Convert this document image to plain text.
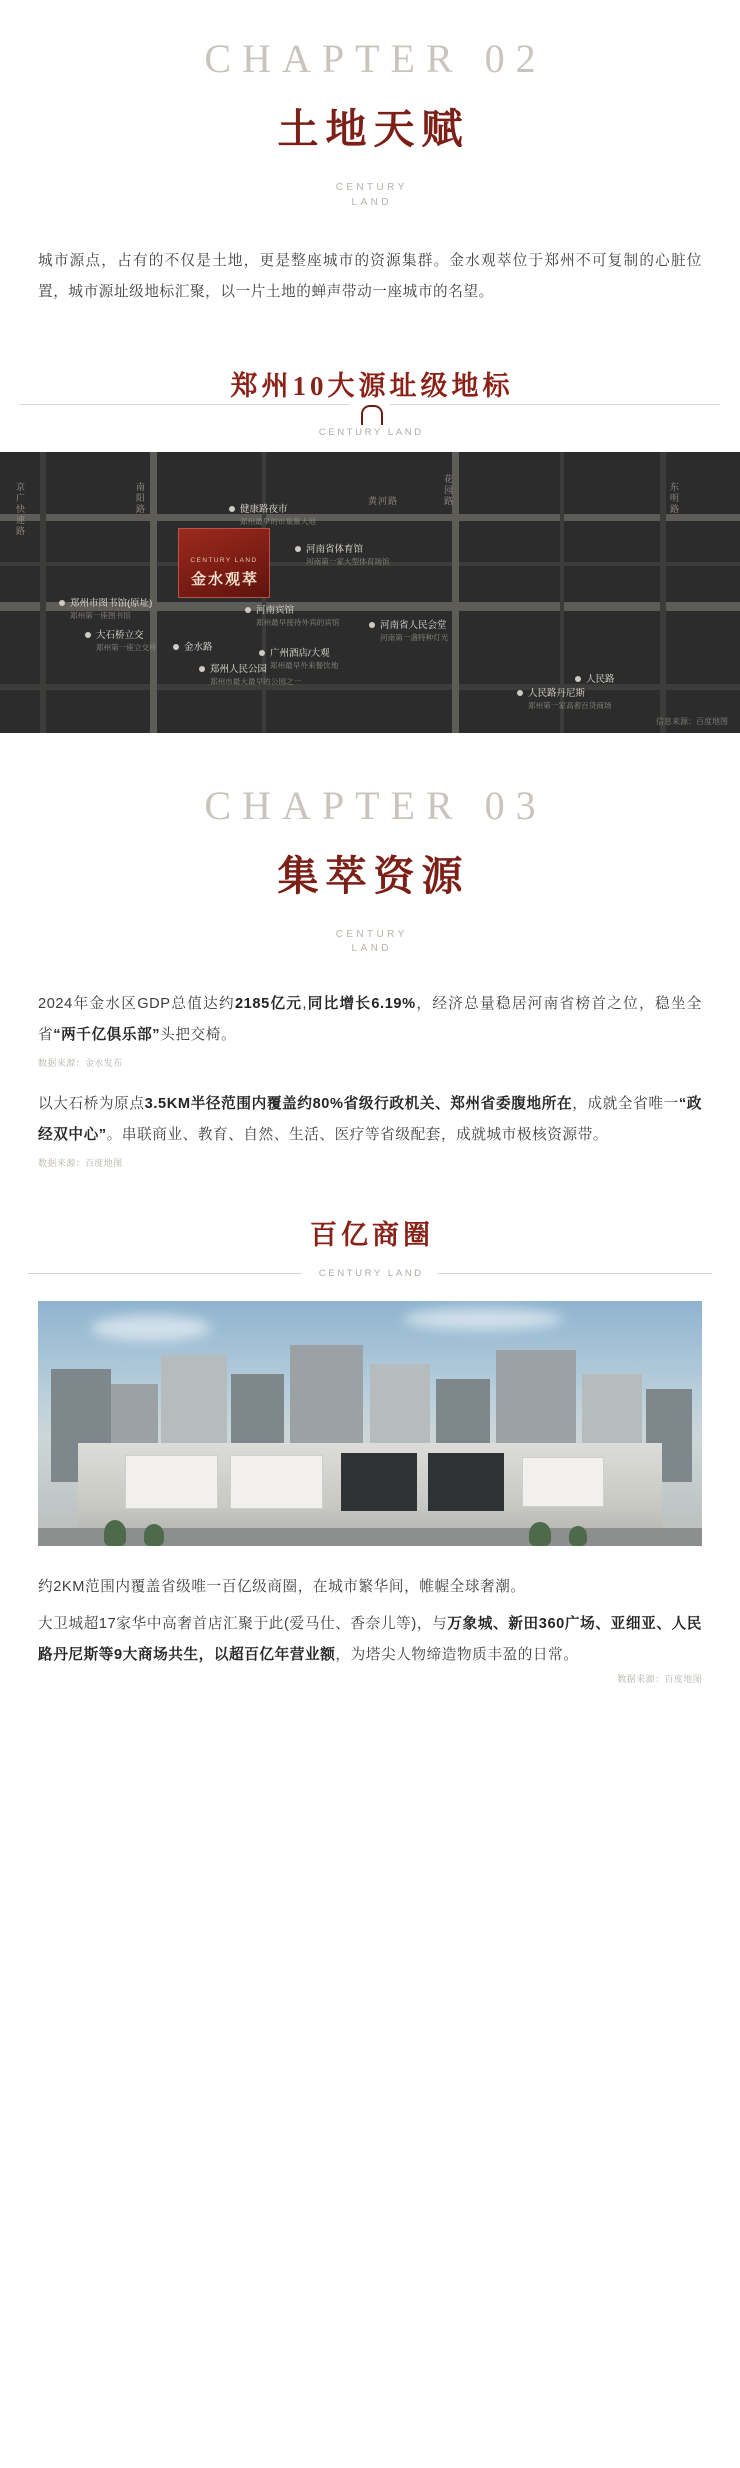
CHAPTER 02
土地天赋
CENTURY
LAND

城市源点，占有的不仅是土地，更是整座城市的资源集群。金水观萃位于郑州不可复制的心脏位置，城市源址级地标汇聚，以一片土地的蝉声带动一座城市的名望。

郑州10大源址级地标
CENTURY LAND
黄河路
南阳路
京广快速路	花园路	东明路
CENTURY LAND
金水观萃
健康路夜市
郑州最早的市集聚大地
河南省体育馆
河南第一家大型体育场馆
河南宾馆
郑州最早接待外宾的宾馆	河南省人民会堂
河南第一盏特种灯光
广州酒店/大观
郑州最早外来餐饮地
郑州人民公园
郑州市最大最早的公园之一
人民路丹尼斯
郑州第一家高奢百货商场
郑州市图书馆(原址)
郑州第一座图书馆
大石桥立交
郑州第一座立交桥	金水路
人民路
信息来源：百度地图
CHAPTER 03
集萃资源
CENTURY
LAND

2024年金水区GDP总值达约2185亿元,同比增长6.19%，经济总量稳居河南省榜首之位，稳坐全省“两千亿俱乐部”头把交椅。

数据来源：金水发布

以大石桥为原点3.5KM半径范围内覆盖约80%省级行政机关、郑州省委腹地所在，成就全省唯一“政经双中心”。串联商业、教育、自然、生活、医疗等省级配套，成就城市极核资源带。

数据来源：百度地图
百亿商圈
CENTURY LAND

约2KM范围内覆盖省级唯一百亿级商圈，在城市繁华间，帷幄全球奢潮。

大卫城超17家华中高奢首店汇聚于此(爱马仕、香奈儿等)，与万象城、新田360广场、亚细亚、人民路丹尼斯等9大商场共生，以超百亿年营业额，为塔尖人物缔造物质丰盈的日常。

数据来源：百度地图
